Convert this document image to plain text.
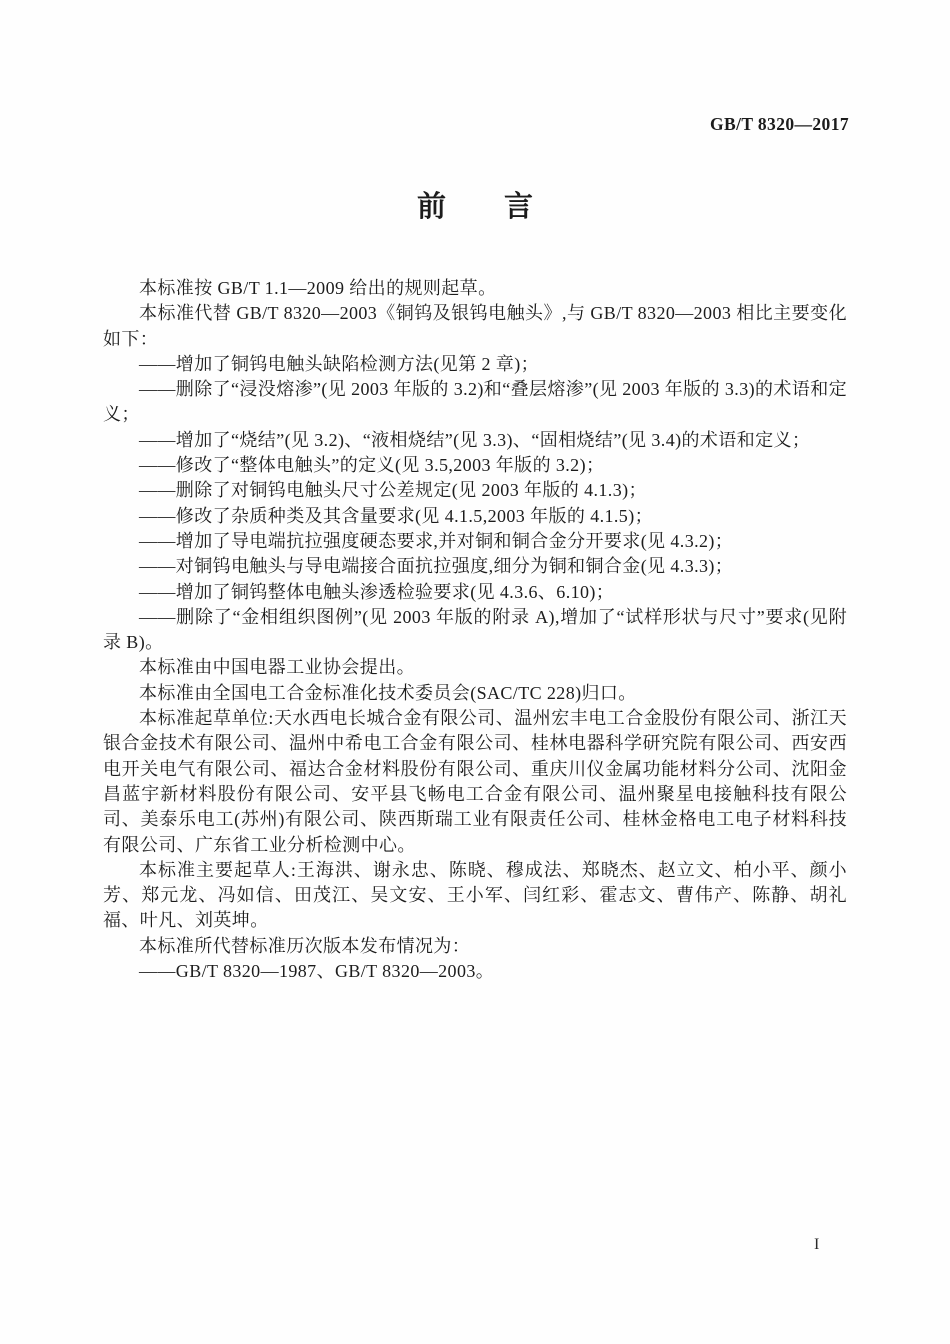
GB/T 8320—2017
前言

本标准按 GB/T 1.1—2009 给出的规则起草。

本标准代替 GB/T 8320—2003《铜钨及银钨电触头》,与 GB/T 8320—2003 相比主要变化如下：

——增加了铜钨电触头缺陷检测方法(见第 2 章)；

——删除了“浸没熔渗”(见 2003 年版的 3.2)和“叠层熔渗”(见 2003 年版的 3.3)的术语和定义；

——增加了“烧结”(见 3.2)、“液相烧结”(见 3.3)、“固相烧结”(见 3.4)的术语和定义；

——修改了“整体电触头”的定义(见 3.5,2003 年版的 3.2)；

——删除了对铜钨电触头尺寸公差规定(见 2003 年版的 4.1.3)；

——修改了杂质种类及其含量要求(见 4.1.5,2003 年版的 4.1.5)；

——增加了导电端抗拉强度硬态要求,并对铜和铜合金分开要求(见 4.3.2)；

——对铜钨电触头与导电端接合面抗拉强度,细分为铜和铜合金(见 4.3.3)；

——增加了铜钨整体电触头渗透检验要求(见 4.3.6、6.10)；

——删除了“金相组织图例”(见 2003 年版的附录 A),增加了“试样形状与尺寸”要求(见附录 B)。

本标准由中国电器工业协会提出。

本标准由全国电工合金标准化技术委员会(SAC/TC 228)归口。

本标准起草单位:天水西电长城合金有限公司、温州宏丰电工合金股份有限公司、浙江天银合金技术有限公司、温州中希电工合金有限公司、桂林电器科学研究院有限公司、西安西电开关电气有限公司、福达合金材料股份有限公司、重庆川仪金属功能材料分公司、沈阳金昌蓝宇新材料股份有限公司、安平县飞畅电工合金有限公司、温州聚星电接触科技有限公司、美泰乐电工(苏州)有限公司、陕西斯瑞工业有限责任公司、桂林金格电工电子材料科技有限公司、广东省工业分析检测中心。

本标准主要起草人:王海洪、谢永忠、陈晓、穆成法、郑晓杰、赵立文、柏小平、颜小芳、郑元龙、冯如信、田茂江、吴文安、王小军、闫红彩、霍志文、曹伟产、陈静、胡礼福、叶凡、刘英坤。

本标准所代替标准历次版本发布情况为：

——GB/T 8320—1987、GB/T 8320—2003。

I
